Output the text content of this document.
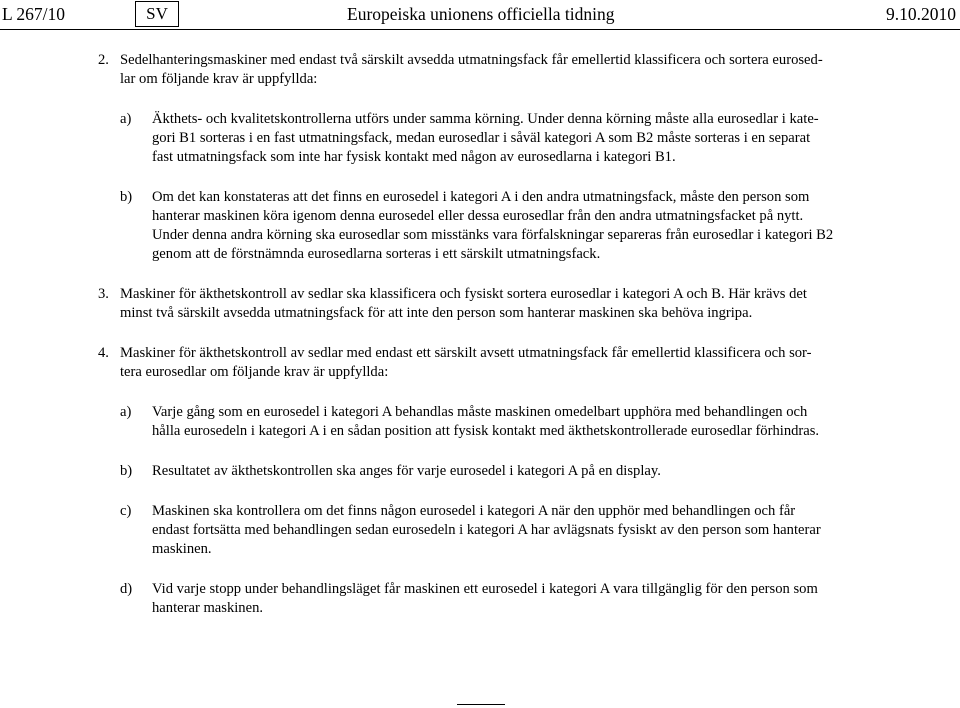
L 267/10	SV	Europeiska unionens officiella tidning	9.10.2010
2. Sedelhanteringsmaskiner med endast två särskilt avsedda utmatningsfack får emellertid klassificera och sortera eurosed-
lar om följande krav är uppfyllda:
a) Äkthets- och kvalitetskontrollerna utförs under samma körning. Under denna körning måste alla eurosedlar i kate-
gori B1 sorteras i en fast utmatningsfack, medan eurosedlar i såväl kategori A som B2 måste sorteras i en separat
fast utmatningsfack som inte har fysisk kontakt med någon av eurosedlarna i kategori B1.
b) Om det kan konstateras att det finns en eurosedel i kategori A i den andra utmatningsfack, måste den person som
hanterar maskinen köra igenom denna eurosedel eller dessa eurosedlar från den andra utmatningsfacket på nytt.
Under denna andra körning ska eurosedlar som misstänks vara förfalskningar separeras från eurosedlar i kategori B2
genom att de förstnämnda eurosedlarna sorteras i ett särskilt utmatningsfack.
3. Maskiner för äkthetskontroll av sedlar ska klassificera och fysiskt sortera eurosedlar i kategori A och B. Här krävs det
minst två särskilt avsedda utmatningsfack för att inte den person som hanterar maskinen ska behöva ingripa.
4. Maskiner för äkthetskontroll av sedlar med endast ett särskilt avsett utmatningsfack får emellertid klassificera och sor-
tera eurosedlar om följande krav är uppfyllda:
a) Varje gång som en eurosedel i kategori A behandlas måste maskinen omedelbart upphöra med behandlingen och
hålla eurosedeln i kategori A i en sådan position att fysisk kontakt med äkthetskontrollerade eurosedlar förhindras.
b) Resultatet av äkthetskontrollen ska anges för varje eurosedel i kategori A på en display.
c) Maskinen ska kontrollera om det finns någon eurosedel i kategori A när den upphör med behandlingen och får
endast fortsätta med behandlingen sedan eurosedeln i kategori A har avlägsnats fysiskt av den person som hanterar
maskinen.
d) Vid varje stopp under behandlingsläget får maskinen ett eurosedel i kategori A vara tillgänglig för den person som
hanterar maskinen.
